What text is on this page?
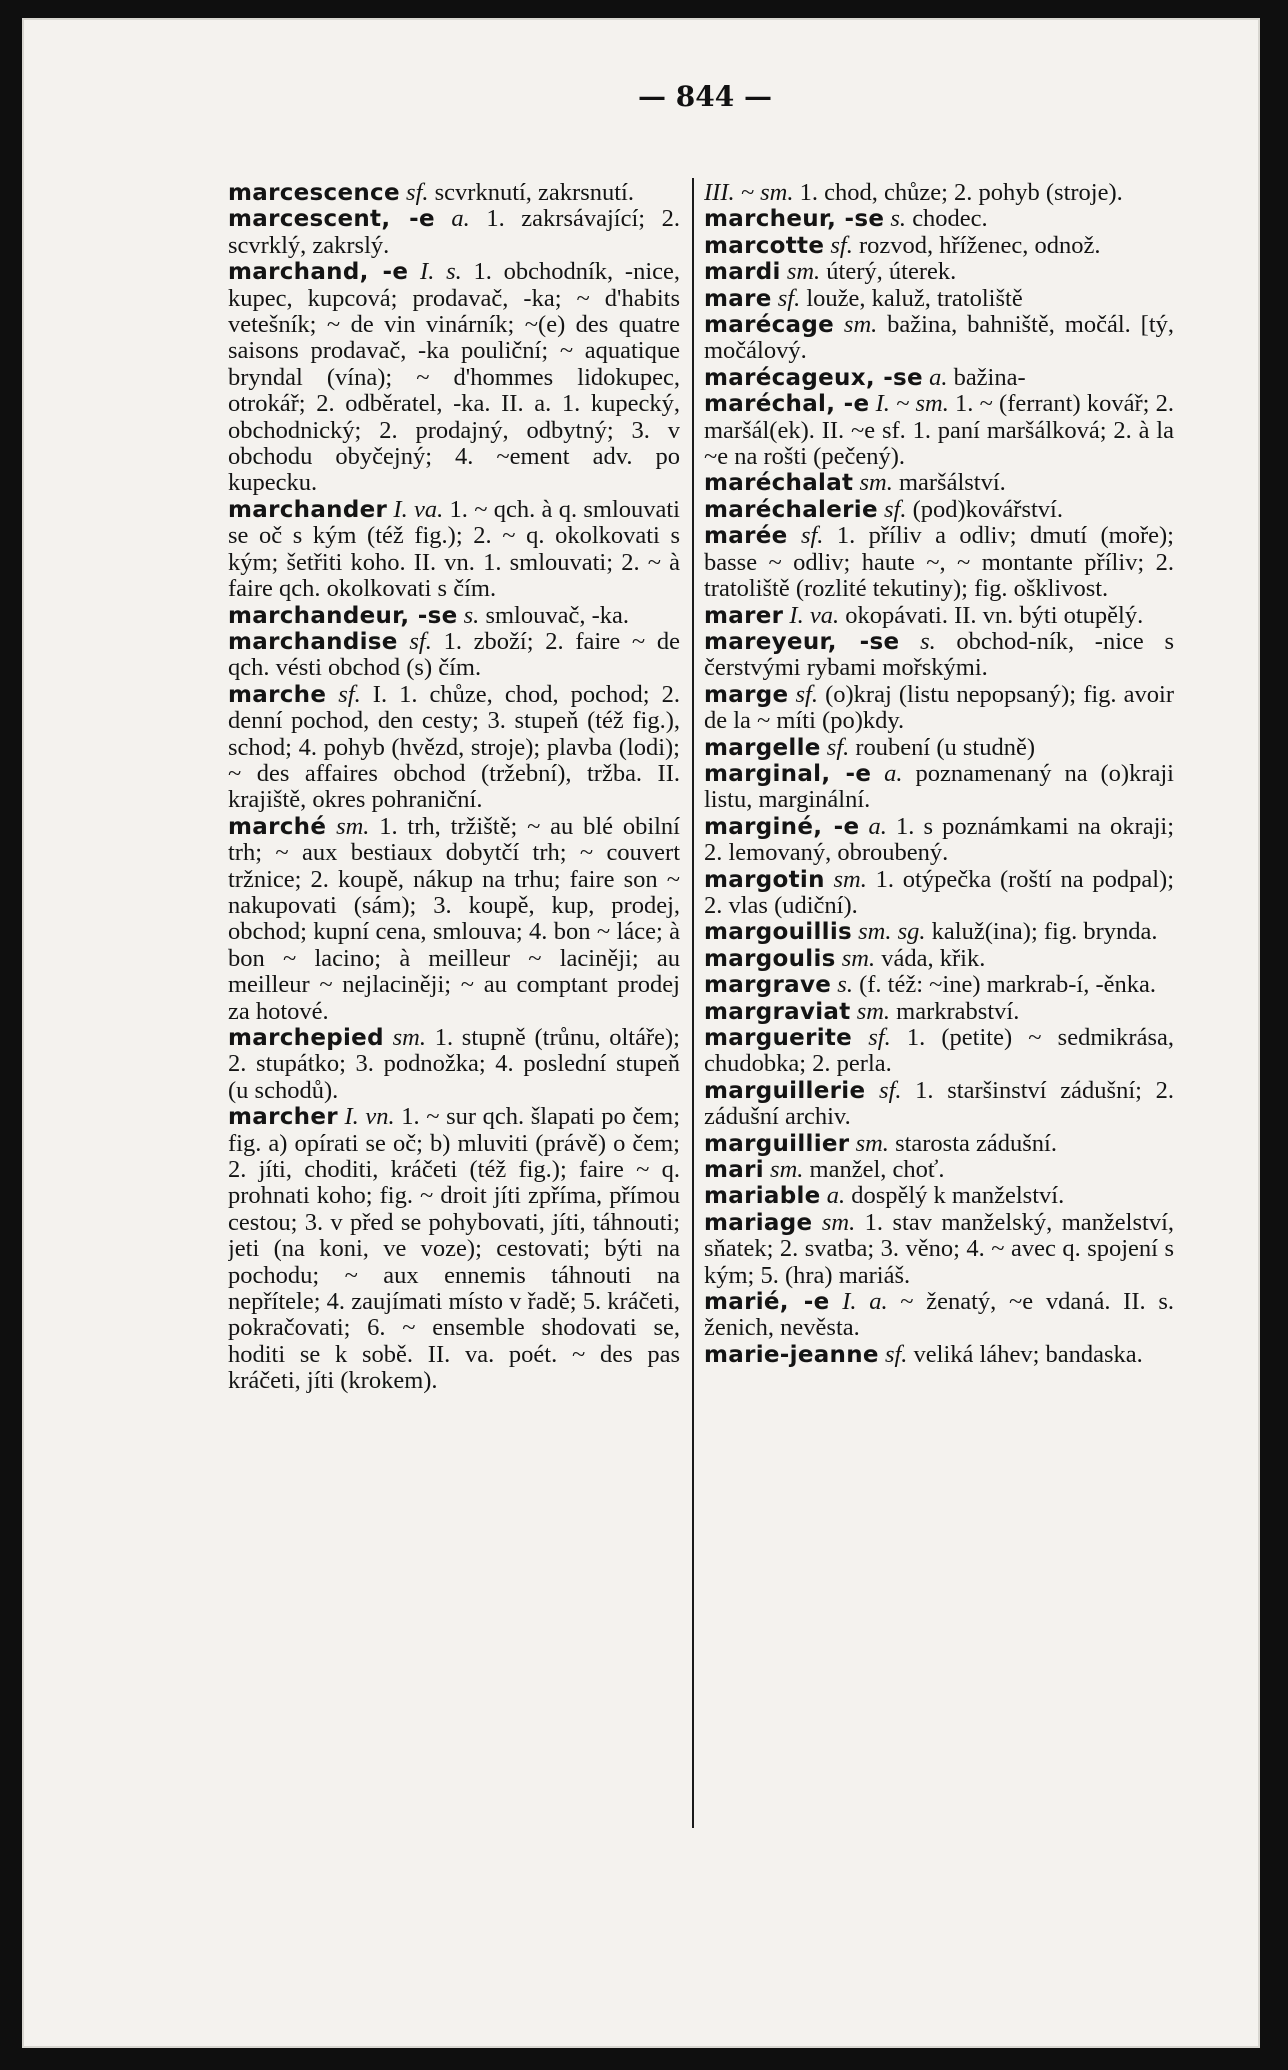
— 844 —
marcescence sf. scvrknutí, zakrsnutí.
marcescent, -e a. 1. zakrsávající; 2. scvrklý, zakrslý.
marchand, -e I. s. 1. obchodník, -nice, kupec, kupcová; prodavač, -ka; ~ d'habits vetešník; ~ de vin vinárník; ~(e) des quatre saisons prodavač, -ka pouliční; ~ aquatique bryndal (vína); ~ d'hommes lidokupec, otrokář; 2. odběratel, -ka. II. a. 1. kupecký, obchodnický; 2. prodajný, odbytný; 3. v obchodu obyčejný; 4. ~ement adv. po kupecku.
marchander I. va. 1. ~ qch. à q. smlouvati se oč s kým (též fig.); 2. ~ q. okolkovati s kým; šetřiti koho. II. vn. 1. smlouvati; 2. ~ à faire qch. okolkovati s čím.
marchandeur, -se s. smlouvač, -ka.
marchandise sf. 1. zboží; 2. faire ~ de qch. vésti obchod (s) čím.
marche sf. I. 1. chůze, chod, pochod; 2. denní pochod, den cesty; 3. stupeň (též fig.), schod; 4. pohyb (hvězd, stroje); plavba (lodi); ~ des affaires obchod (tržební), tržba. II. krajiště, okres pohraniční.
marché sm. 1. trh, tržiště; ~ au blé obilní trh; ~ aux bestiaux dobytčí trh; ~ couvert tržnice; 2. koupě, nákup na trhu; faire son ~ nakupovati (sám); 3. koupě, kup, prodej, obchod; kupní cena, smlouva; 4. bon ~ láce; à bon ~ lacino; à meilleur ~ laciněji; au meilleur ~ nejlaciněji; ~ au comptant prodej za hotové.
marchepied sm. 1. stupně (trůnu, oltáře); 2. stupátko; 3. podnožka; 4. poslední stupeň (u schodů).
marcher I. vn. 1. ~ sur qch. šlapati po čem; fig. a) opírati se oč; b) mluviti (právě) o čem; 2. jíti, choditi, kráčeti (též fig.); faire ~ q. prohnati koho; fig. ~ droit jíti zpříma, přímou cestou; 3. v před se pohybovati, jíti, táhnouti; jeti (na koni, ve voze); cestovati; býti na pochodu; ~ aux ennemis táhnouti na nepřítele; 4. zaujímati místo v řadě; 5. kráčeti, pokračovati; 6. ~ ensemble shodovati se, hoditi se k sobě. II. va. poét. ~ des pas kráčeti, jíti (krokem).
III. ~ sm. 1. chod, chůze; 2. pohyb (stroje).
marcheur, -se s. chodec.
marcotte sf. rozvod, hříženec, odnož.
mardi sm. úterý, úterek.
mare sf. louže, kaluž, tratoliště
marécage sm. bažina, bahniště, močál. [tý, močálový.
marécageux, -se a. bažina-
maréchal, -e I. ~ sm. 1. ~ (ferrant) kovář; 2. maršál(ek). II. ~e sf. 1. paní maršálková; 2. à la ~e na rošti (pečený).
maréchalat sm. maršálství.
maréchalerie sf. (pod)kovářství.
marée sf. 1. příliv a odliv; dmutí (moře); basse ~ odliv; haute ~, ~ montante příliv; 2. tratoliště (rozlité tekutiny); fig. ošklivost.
marer I. va. okopávati. II. vn. býti otupělý.
mareyeur, -se s. obchod-ník, -nice s čerstvými rybami mořskými.
marge sf. (o)kraj (listu nepopsaný); fig. avoir de la ~ míti (po)kdy.
margelle sf. roubení (u studně)
marginal, -e a. poznamenaný na (o)kraji listu, marginální.
marginé, -e a. 1. s poznámkami na okraji; 2. lemovaný, obroubený.
margotin sm. 1. otýpečka (roští na podpal); 2. vlas (udiční).
margouillis sm. sg. kaluž(ina); fig. brynda.
margoulis sm. váda, křik.
margrave s. (f. též: ~ine) markrab-í, -ěnka.
margraviat sm. markrabství.
marguerite sf. 1. (petite) ~ sedmikrása, chudobka; 2. perla.
marguillerie sf. 1. staršinství zádušní; 2. zádušní archiv.
marguillier sm. starosta zádušní.
mari sm. manžel, choť.
mariable a. dospělý k manželství.
mariage sm. 1. stav manželský, manželství, sňatek; 2. svatba; 3. věno; 4. ~ avec q. spojení s kým; 5. (hra) mariáš.
marié, -e I. a. ~ ženatý, ~e vdaná. II. s. ženich, nevěsta.
marie-jeanne sf. veliká láhev; bandaska.
